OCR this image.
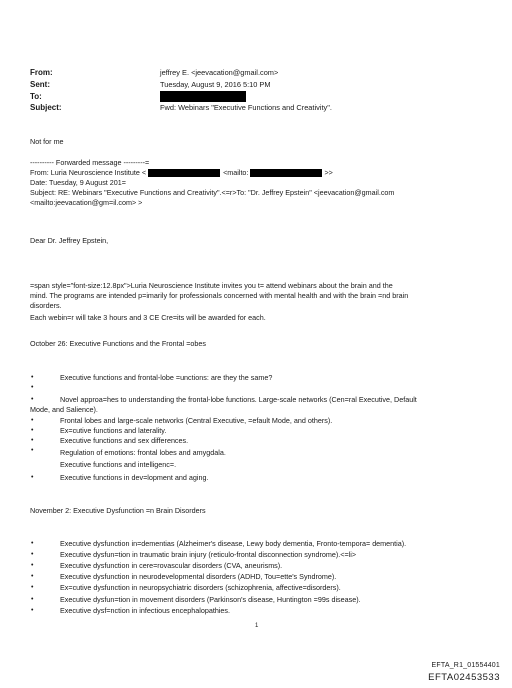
From:	jeffrey E. <jeevacation@gmail.com>
Sent:	Tuesday, August 9, 2016 5:10 PM
To:
Subject:	Fwd: Webinars "Executive Functions and Creativity".
Not for me
---------- Forwarded message ---------=
From: Luria Neuroscience Institute <	<mailto:	>>
Date: Tuesday, 9 August 201=
Subject: RE: Webinars "Executive Functions and Creativity".<=r>To: "Dr. Jeffrey Epstein" <jeevacation@gmail.com
<mailto:jeevacation@gm=il.com> >
Dear Dr. Jeffrey Epstein,
=span style="font-size:12.8px">Luria Neuroscience Institute invites you t= attend webinars about the brain and the
mind. The programs are intended p=imarily for professionals concerned with mental health and with the brain =nd brain
disorders.
Each webin=r will take 3 hours and 3 CE Cre=its will be awarded for each.
October 26: Executive Functions and the Frontal =obes
•
•
•
•
•
•
•
•
Executive functions and frontal-lobe =unctions: are they the same?
Novel approa=hes to understanding the frontal-lobe functions. Large-scale networks (Cen=ral Executive, Default
Mode, and Salience).
Frontal lobes and large-scale networks (Central Executive, =efault Mode, and others).
Ex=cutive functions and laterality.
Executive functions and sex differences.
Regulation of emotions: frontal lobes and amygdala.
Executive functions and intelligenc=.
Executive functions in dev=lopment and aging.
November 2: Executive Dysfunction =n Brain Disorders
•
•
•
•
•
•
•
Executive dysfunction in=dementias (Alzheimer's disease, Lewy body dementia, Fronto-tempora= dementia).
Executive dysfun=tion in traumatic brain injury (reticulo-frontal disconnection syndrome).<=li>
Executive dysfunction in cere=rovascular disorders (CVA, aneurisms).
Executive dysfunction in neurodevelopmental disorders (ADHD, Tou=ette's Syndrome).
Ex=cutive dysfunction in neuropsychiatric disorders (schizophrenia, affective=disorders).
Executive dysfun=tion in movement disorders (Parkinson's disease, Huntington =99s disease).
Executive dysf=nction in infectious encephalopathies.
1
EFTA_R1_01554401
EFTA02453533
